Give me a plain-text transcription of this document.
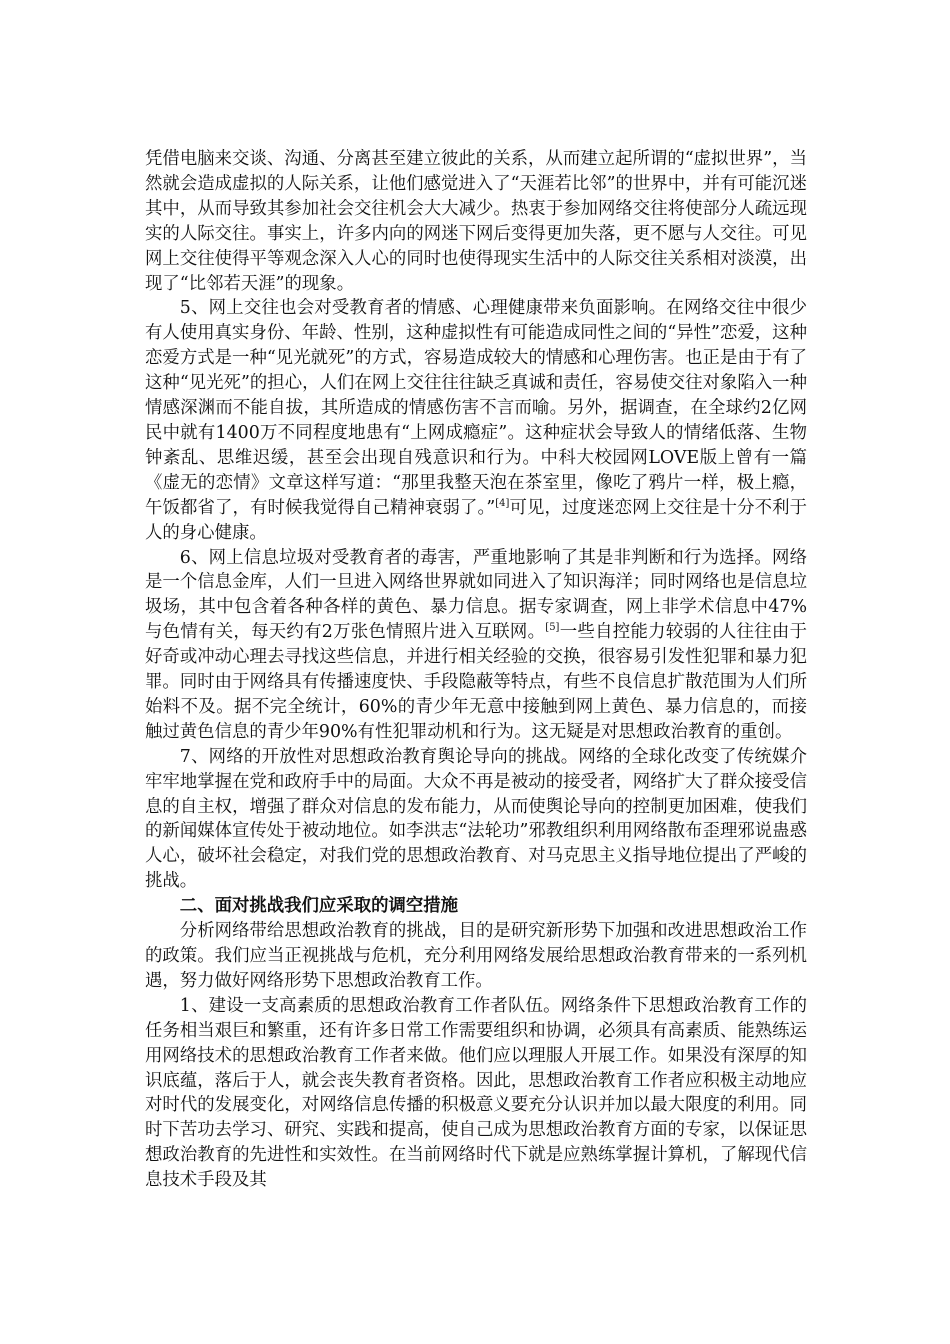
凭借电脑来交谈、沟通、分离甚至建立彼此的关系，从而建立起所谓的“虚拟世界”，当然就会造成虚拟的人际关系，让他们感觉进入了“天涯若比邻”的世界中，并有可能沉迷其中，从而导致其参加社会交往机会大大减少。热衷于参加网络交往将使部分人疏远现实的人际交往。事实上，许多内向的网迷下网后变得更加失落，更不愿与人交往。可见网上交往使得平等观念深入人心的同时也使得现实生活中的人际交往关系相对淡漠，出现了“比邻若天涯”的现象。

5、网上交往也会对受教育者的情感、心理健康带来负面影响。在网络交往中很少有人使用真实身份、年龄、性别，这种虚拟性有可能造成同性之间的“异性”恋爱，这种恋爱方式是一种“见光就死”的方式，容易造成较大的情感和心理伤害。也正是由于有了这种“见光死”的担心，人们在网上交往往往缺乏真诚和责任，容易使交往对象陷入一种情感深渊而不能自拔，其所造成的情感伤害不言而喻。另外，据调查，在全球约2亿网民中就有1400万不同程度地患有“上网成瘾症”。这种症状会导致人的情绪低落、生物钟紊乱、思维迟缓，甚至会出现自残意识和行为。中科大校园网LOVE版上曾有一篇《虚无的恋情》文章这样写道：“那里我整天泡在茶室里，像吃了鸦片一样，极上瘾，午饭都省了，有时候我觉得自己精神衰弱了。”[4]可见，过度迷恋网上交往是十分不利于人的身心健康。

6、网上信息垃圾对受教育者的毒害，严重地影响了其是非判断和行为选择。网络是一个信息金库，人们一旦进入网络世界就如同进入了知识海洋；同时网络也是信息垃圾场，其中包含着各种各样的黄色、暴力信息。据专家调查，网上非学术信息中47%与色情有关，每天约有2万张色情照片进入互联网。[5]一些自控能力较弱的人往往由于好奇或冲动心理去寻找这些信息，并进行相关经验的交换，很容易引发性犯罪和暴力犯罪。同时由于网络具有传播速度快、手段隐蔽等特点，有些不良信息扩散范围为人们所始料不及。据不完全统计，60%的青少年无意中接触到网上黄色、暴力信息的，而接触过黄色信息的青少年90%有性犯罪动机和行为。这无疑是对思想政治教育的重创。

7、网络的开放性对思想政治教育舆论导向的挑战。网络的全球化改变了传统媒介牢牢地掌握在党和政府手中的局面。大众不再是被动的接受者，网络扩大了群众接受信息的自主权，增强了群众对信息的发布能力，从而使舆论导向的控制更加困难，使我们的新闻媒体宣传处于被动地位。如李洪志“法轮功”邪教组织利用网络散布歪理邪说蛊惑人心，破坏社会稳定，对我们党的思想政治教育、对马克思主义指导地位提出了严峻的挑战。

二、面对挑战我们应采取的调空措施

分析网络带给思想政治教育的挑战，目的是研究新形势下加强和改进思想政治工作的政策。我们应当正视挑战与危机，充分利用网络发展给思想政治教育带来的一系列机遇，努力做好网络形势下思想政治教育工作。

1、建设一支高素质的思想政治教育工作者队伍。网络条件下思想政治教育工作的任务相当艰巨和繁重，还有许多日常工作需要组织和协调，必须具有高素质、能熟练运用网络技术的思想政治教育工作者来做。他们应以理服人开展工作。如果没有深厚的知识底蕴，落后于人，就会丧失教育者资格。因此，思想政治教育工作者应积极主动地应对时代的发展变化，对网络信息传播的积极意义要充分认识并加以最大限度的利用。同时下苦功去学习、研究、实践和提高，使自己成为思想政治教育方面的专家，以保证思想政治教育的先进性和实效性。在当前网络时代下就是应熟练掌握计算机，了解现代信息技术手段及其
